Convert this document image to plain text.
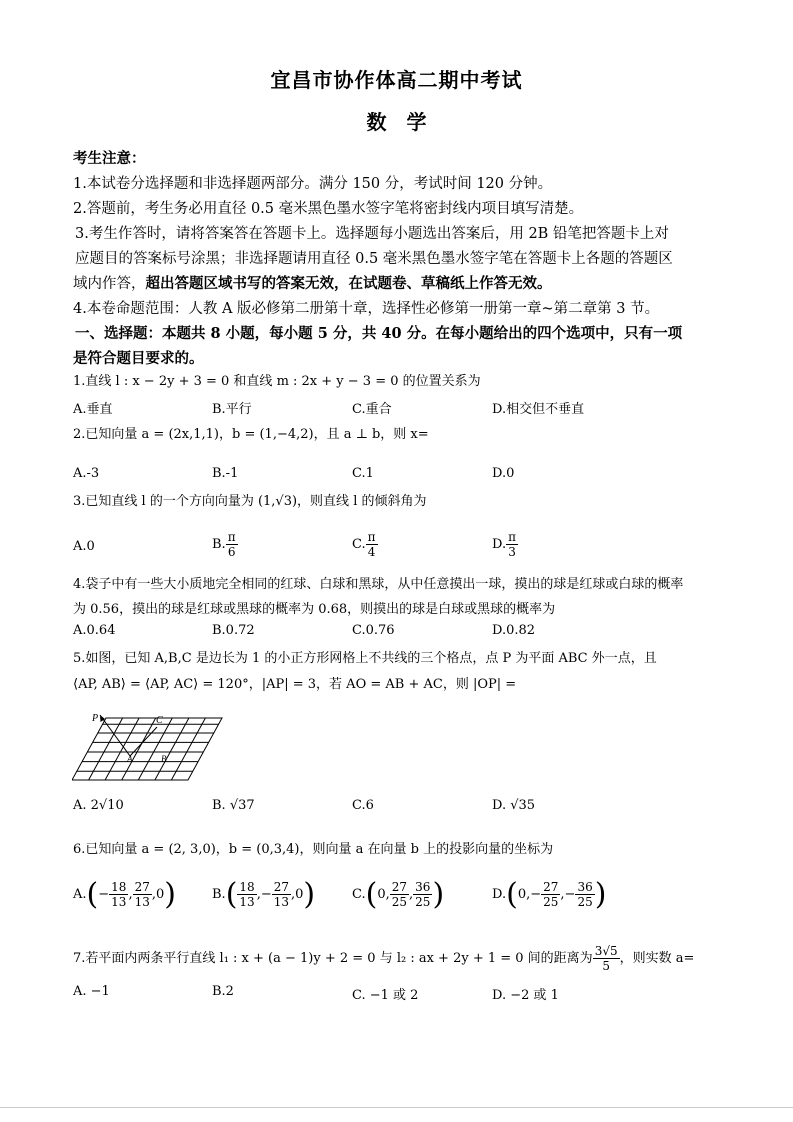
宜昌市协作体高二期中考试
数　学
考生注意：
1.本试卷分选择题和非选择题两部分。满分 150 分，考试时间 120 分钟。
2.答题前，考生务必用直径 0.5 毫米黑色墨水签字笔将密封线内项目填写清楚。
3.考生作答时，请将答案答在答题卡上。选择题每小题选出答案后，用 2B 铅笔把答题卡上对
应题目的答案标号涂黑；非选择题请用直径 0.5 毫米黑色墨水签字笔在答题卡上各题的答题区
域内作答，超出答题区域书写的答案无效，在试题卷、草稿纸上作答无效。
4.本卷命题范围：人教 A 版必修第二册第十章，选择性必修第一册第一章~第二章第 3 节。
一、选择题：本题共 8 小题，每小题 5 分，共 40 分。在每小题给出的四个选项中，只有一项
是符合题目要求的。
1.直线 l : x − 2y + 3 = 0 和直线 m : 2x + y − 3 = 0 的位置关系为
A.垂直	B.平行	C.重合	D.相交但不垂直
2.已知向量 a = (2x,1,1)，b = (1,−4,2)，且 a ⊥ b，则 x=
A.-3	B.-1	C.1	D.0
3.已知直线 l 的一个方向向量为 (1,√3)，则直线 l 的倾斜角为
A.0	B. $\frac{\pi}{6}$	C. $\frac{\pi}{4}$	D. $\frac{\pi}{3}$
4.袋子中有一些大小质地完全相同的红球、白球和黑球，从中任意摸出一球，摸出的球是红球或白球的概率
为 0.56，摸出的球是红球或黑球的概率为 0.68，则摸出的球是白球或黑球的概率为
A.0.64	B.0.72	C.0.76	D.0.82
5.如图，已知 A,B,C 是边长为 1 的小正方形网格上不共线的三个格点，点 P 为平面 ABC 外一点，且
⟨AP, AB⟩ = ⟨AP, AC⟩ = 120°，|AP| = 3，若 AO = AB + AC，则 |OP| =
P	C
A	B
A. 2√10	B. √37	C.6	D. √35
6.已知向量 a = (2, 3,0)，b = (0,3,4)，则向量 a 在向量 b 上的投影向量的坐标为
$A.(- \frac{18}{13}$ , $\frac{27}{13} ,0$)	$B.( \frac{18}{13}$ ,− $\frac{27}{13} ,0$)	C.(0, $\frac{27}{25}$ , $\frac{36}{25}$ )	$D.(0,- \frac{27}{25}$ ,− $\frac{36}{25}$ )
7.若平面内两条平行直线 l₁ : x + (a − 1)y + 2 = 0 与 l₂ : ax + 2y + 1 = 0 间的距离为 $\frac{3√5}{5}$ ，则实数 a=
A. −1	B.2	C. −1 或 2	D. −2 或 1
